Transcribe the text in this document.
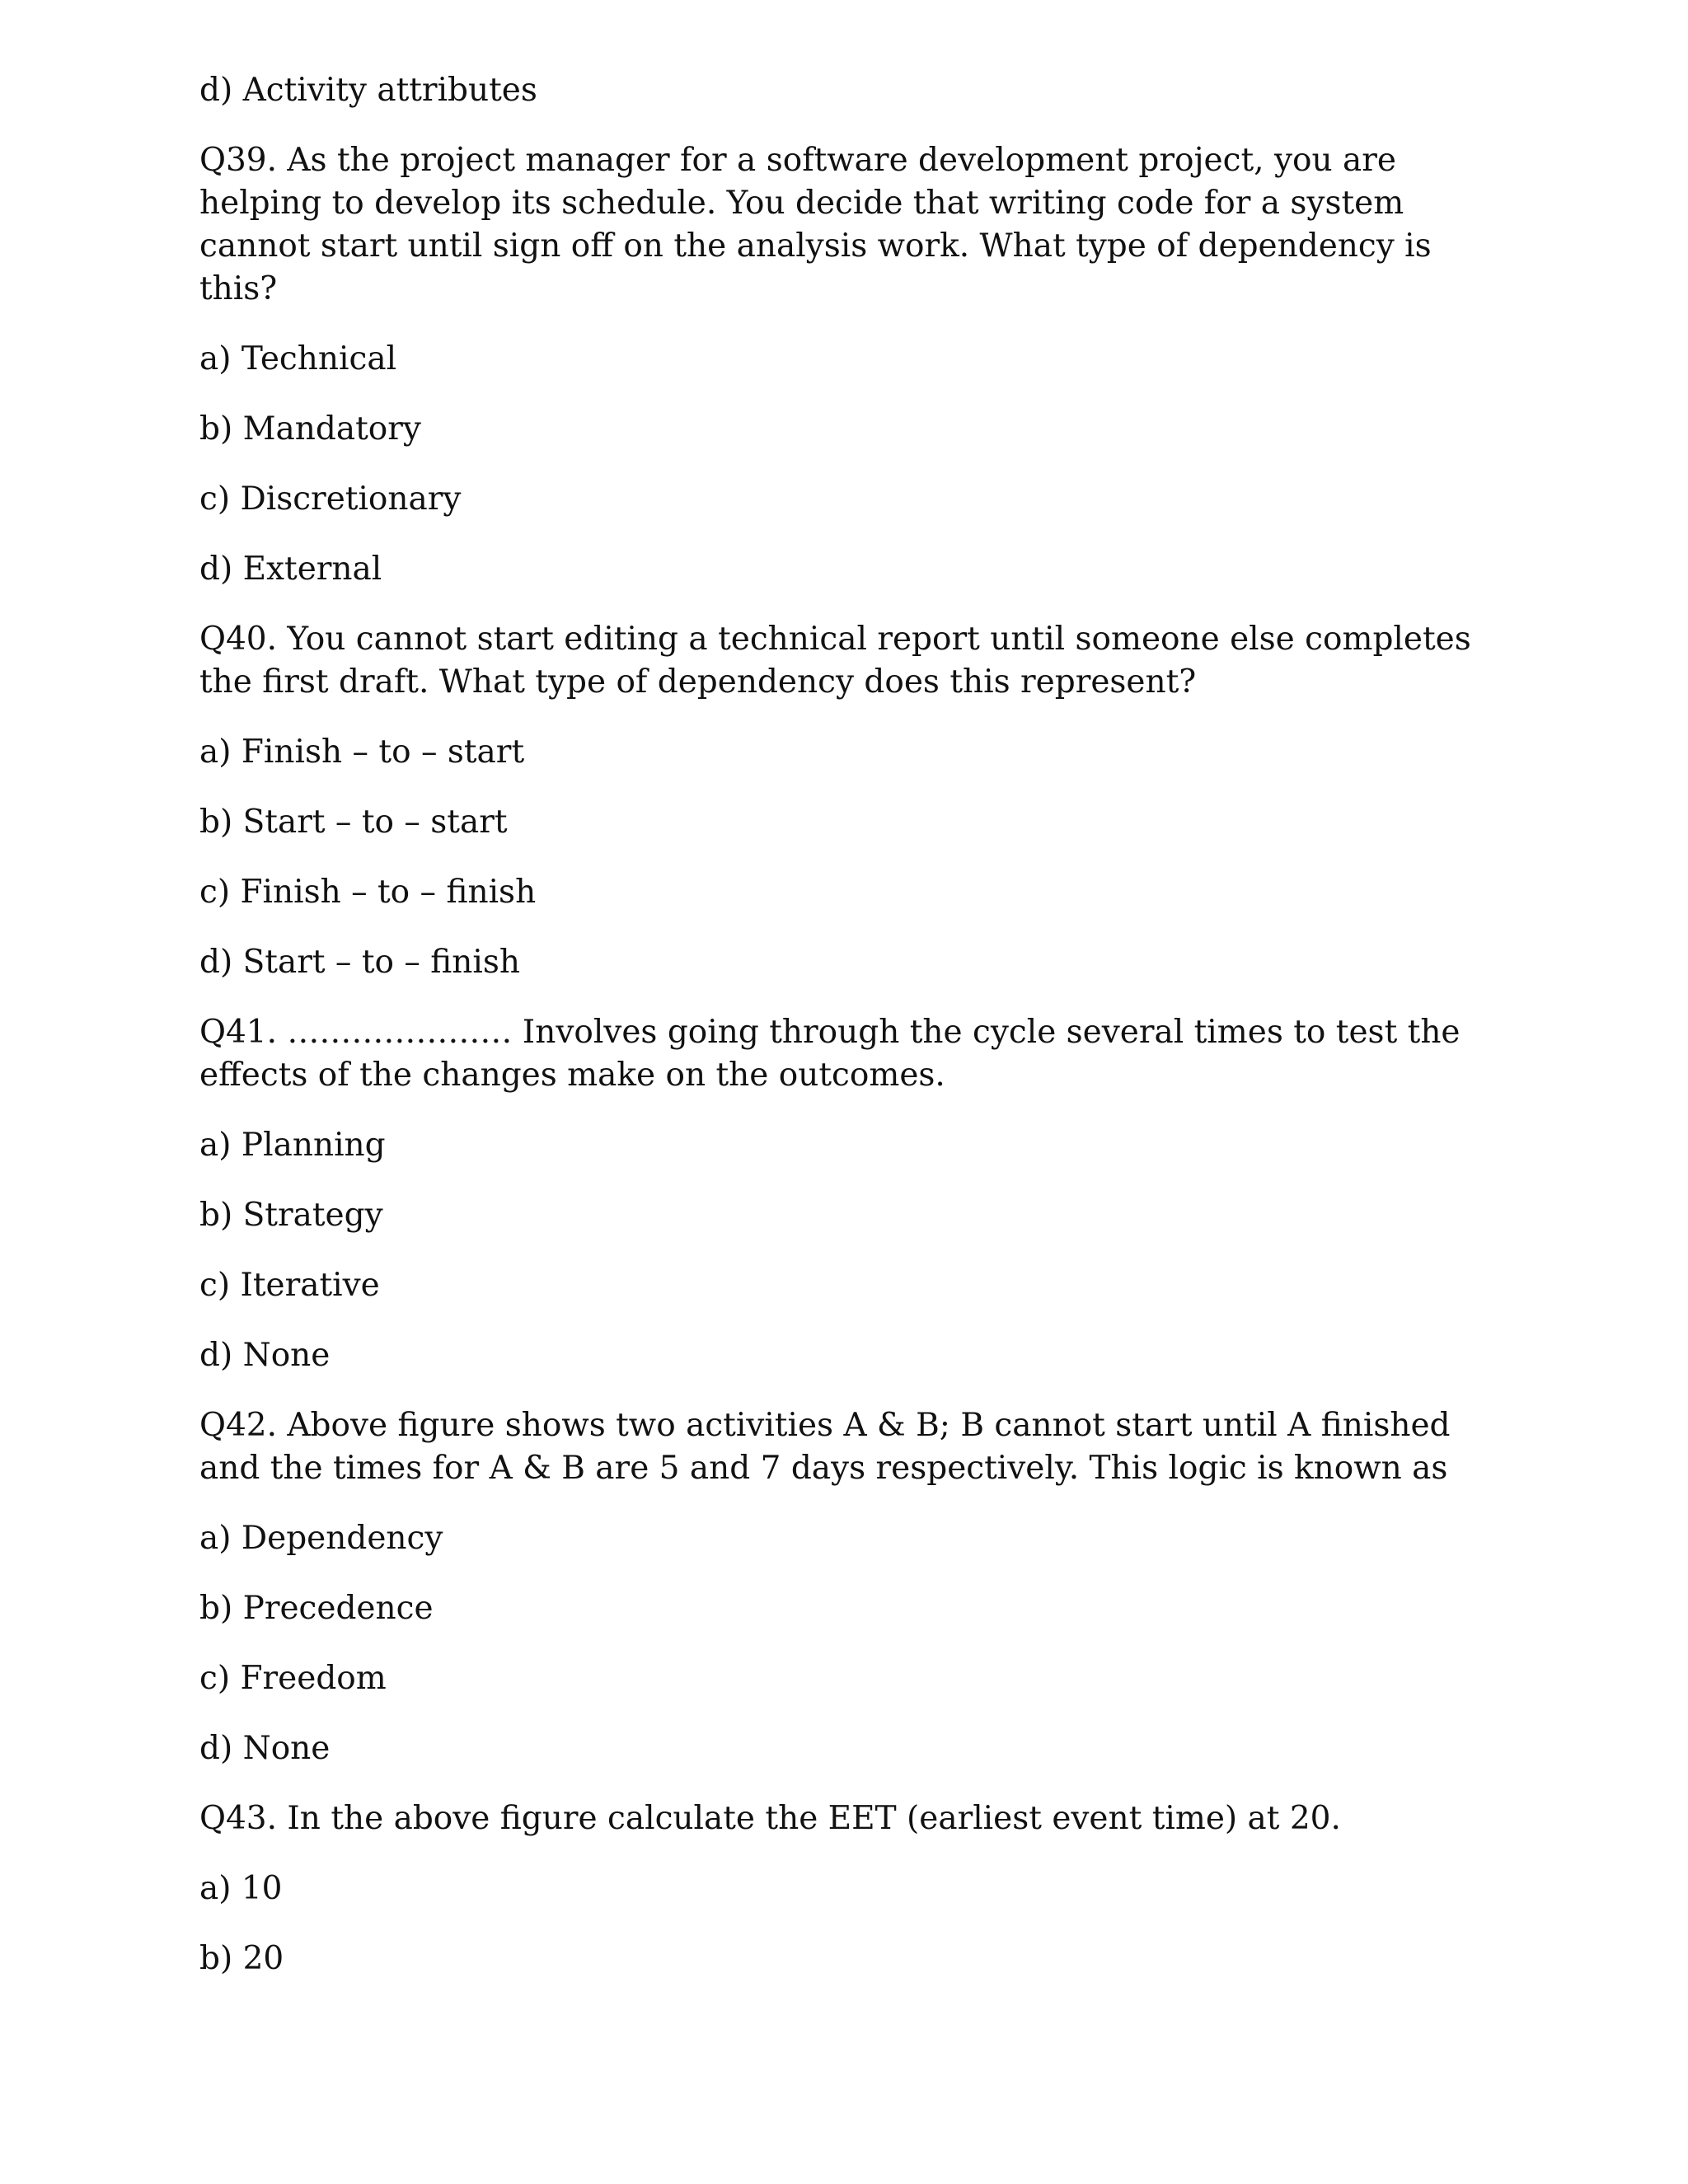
d) Activity attributes

Q39. As the project manager for a software development project, you are helping to develop its schedule. You decide that writing code for a system cannot start until sign off on the analysis work. What type of dependency is this?

a) Technical

b) Mandatory

c) Discretionary

d) External

Q40. You cannot start editing a technical report until someone else completes the first draft. What type of dependency does this represent?

a) Finish – to – start

b) Start – to – start

c) Finish – to – finish

d) Start – to – finish

Q41. ………………… Involves going through the cycle several times to test the effects of the changes make on the outcomes.

a) Planning

b) Strategy

c) Iterative

d) None

Q42. Above figure shows two activities A & B; B cannot start until A finished and the times for A & B are 5 and 7 days respectively. This logic is known as

a) Dependency

b) Precedence

c) Freedom

d) None

Q43. In the above figure calculate the EET (earliest event time) at 20.

a) 10

b) 20
